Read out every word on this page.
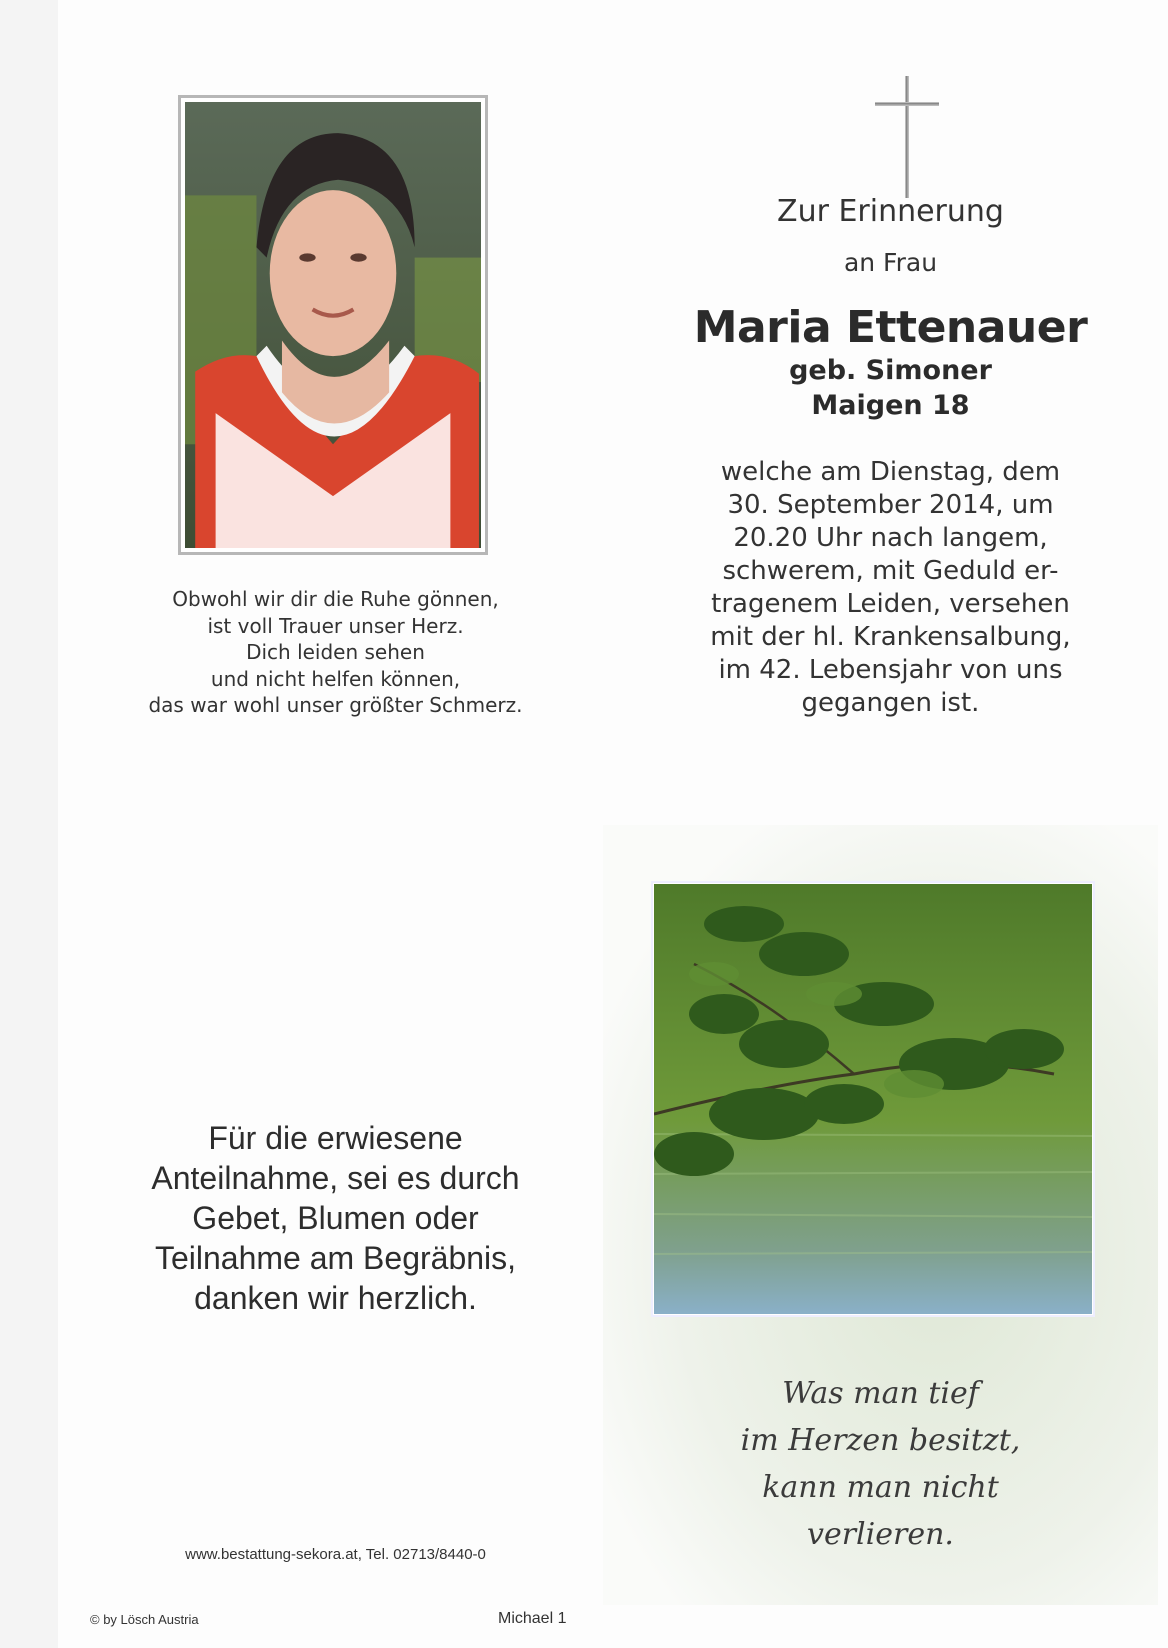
Obwohl wir dir die Ruhe gönnen,
ist voll Trauer unser Herz.
Dich leiden sehen
und nicht helfen können,
das war wohl unser größter Schmerz.
Zur Erinnerung
an Frau
Maria Ettenauer
geb. Simoner
Maigen 18
welche am Dienstag, dem
30. September 2014, um
20.20 Uhr nach langem,
schwerem, mit Geduld er-
tragenem Leiden, versehen
mit der hl. Krankensalbung,
im 42. Lebensjahr von uns
gegangen ist.
Für die erwiesene
Anteilnahme, sei es durch
Gebet, Blumen oder
Teilnahme am Begräbnis,
danken wir herzlich.
www.bestattung-sekora.at, Tel. 02713/8440-0
Was man tief
im Herzen besitzt,
kann man nicht
verlieren.
© by Lösch Austria	Michael 1
